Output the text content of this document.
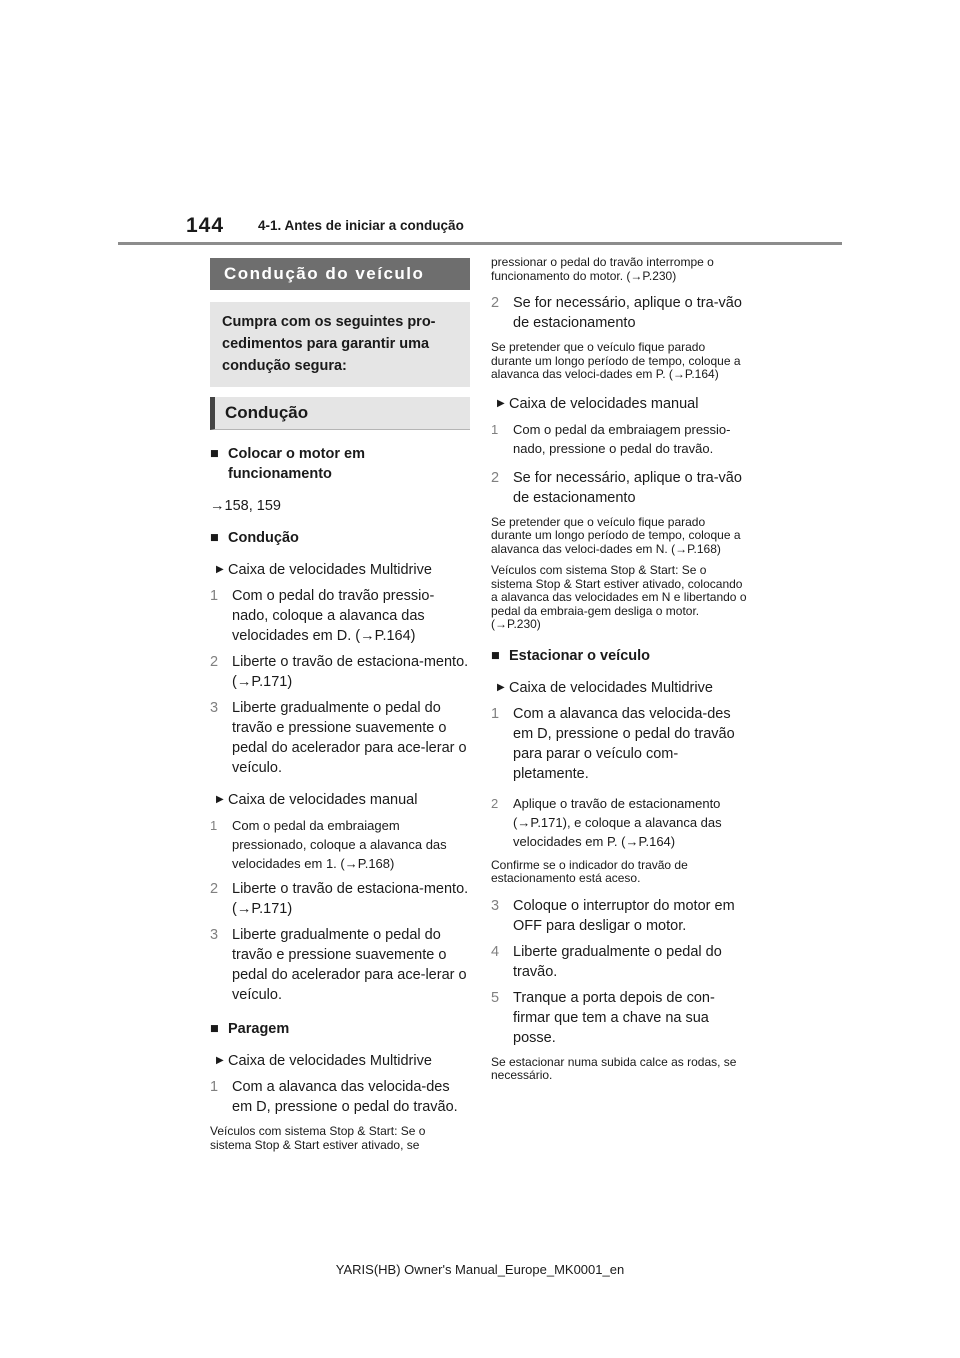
144	4-1. Antes de iniciar a condução
Condução do veículo
Cumpra com os seguintes pro-cedimentos para garantir uma condução segura:
Condução
■ Colocar o motor em funcionamento
→158, 159
■ Condução
▶ Caixa de velocidades Multidrive
1 Com o pedal do travão pressio-nado, coloque a alavanca das velocidades em D. (→P.164)
2 Liberte o travão de estaciona-mento. (→P.171)
3 Liberte gradualmente o pedal do travão e pressione suavemente o pedal do acelerador para ace-lerar o veículo.
▶ Caixa de velocidades manual
1	Com o pedal da embraiagem pressionado, coloque a alavanca das velocidades em 1. (→P.168)
2 Liberte o travão de estaciona-mento. (→P.171)
3 Liberte gradualmente o pedal do travão e pressione suavemente o pedal do acelerador para ace-lerar o veículo.
■ Paragem
▶ Caixa de velocidades Multidrive
1 Com a alavanca das velocida-des em D, pressione o pedal do travão.
Veículos com sistema Stop & Start: Se o sistema Stop & Start estiver ativado, se
pressionar o pedal do travão interrompe o funcionamento do motor. (→P.230)
2 Se for necessário, aplique o tra-vão de estacionamento
Se pretender que o veículo fique parado durante um longo período de tempo, coloque a alavanca das veloci-dades em P. (→P.164)
▶ Caixa de velocidades manual
1	Com o pedal da embraiagem pressio-nado, pressione o pedal do travão.
2 Se for necessário, aplique o tra-vão de estacionamento
Se pretender que o veículo fique parado durante um longo período de tempo, coloque a alavanca das veloci-dades em N. (→P.168)
Veículos com sistema Stop & Start: Se o sistema Stop & Start estiver ativado, colocando a alavanca das velocidades em N e libertando o pedal da embraia-gem desliga o motor. (→P.230)
■ Estacionar o veículo
▶ Caixa de velocidades Multidrive
1 Com a alavanca das velocida-des em D, pressione o pedal do travão para parar o veículo com-pletamente.
2	Aplique o travão de estacionamento (→P.171), e coloque a alavanca das velocidades em P. (→P.164)
Confirme se o indicador do travão de estacionamento está aceso.
3 Coloque o interruptor do motor em OFF para desligar o motor.
4 Liberte gradualmente o pedal do travão.
5 Tranque a porta depois de con-firmar que tem a chave na sua posse.
Se estacionar numa subida calce as rodas, se necessário.
YARIS(HB) Owner's Manual_Europe_MK0001_en
